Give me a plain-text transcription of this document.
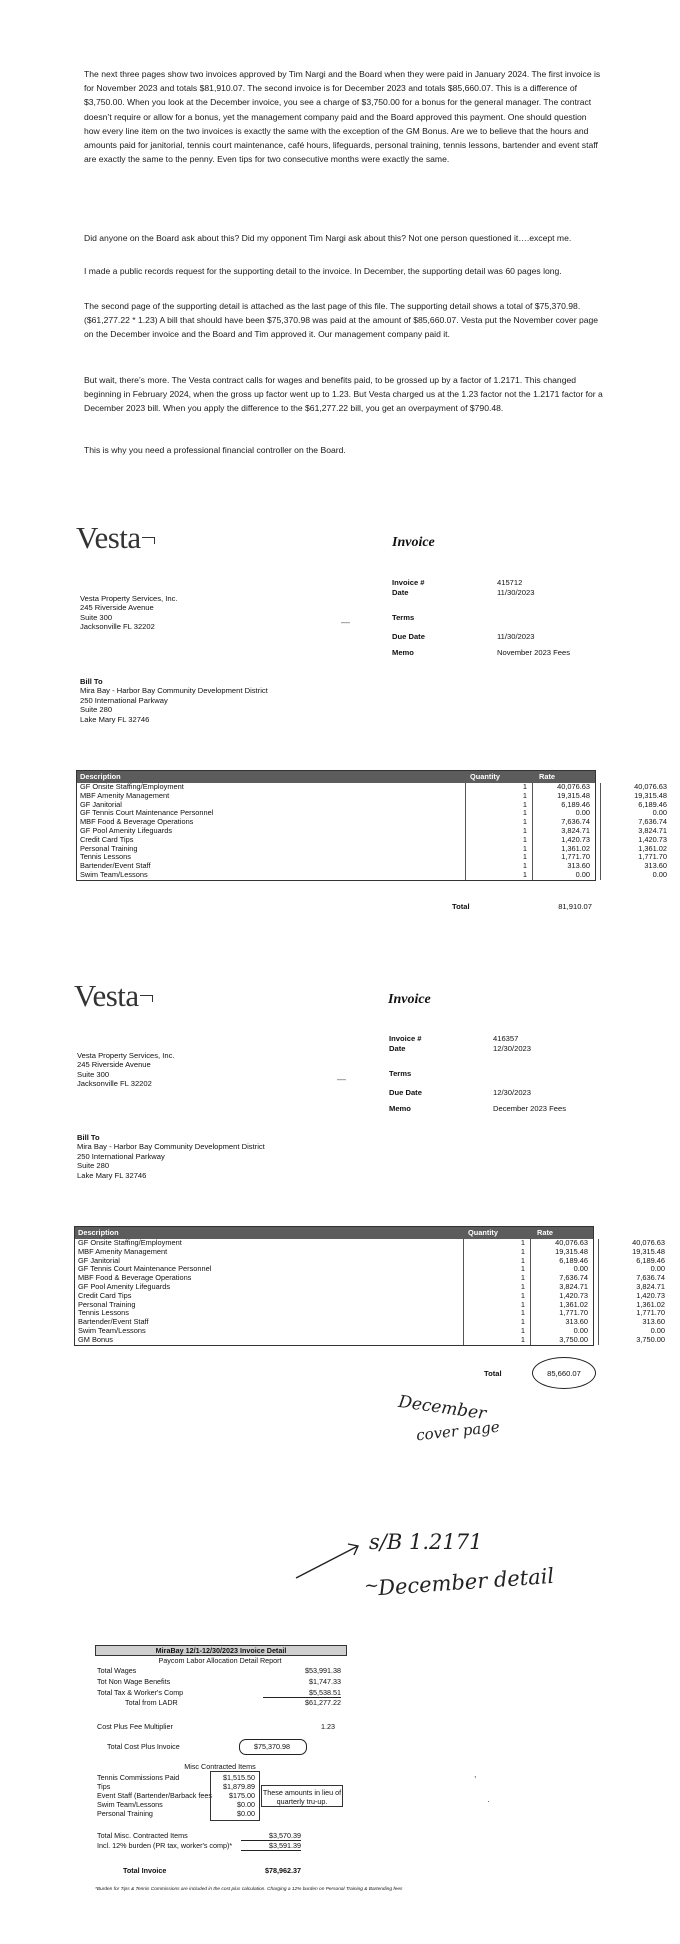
The next three pages show two invoices approved by Tim Nargi and the Board when they were paid in January 2024. The first invoice is for November 2023 and totals $81,910.07. The second invoice is for December 2023 and totals $85,660.07. This is a difference of $3,750.00. When you look at the December invoice, you see a charge of $3,750.00 for a bonus for the general manager. The contract doesn’t require or allow for a bonus, yet the management company paid and the Board approved this payment. One should question how every line item on the two invoices is exactly the same with the exception of the GM Bonus. Are we to believe that the hours and amounts paid for janitorial, tennis court maintenance, café hours, lifeguards, personal training, tennis lessons, bartender and event staff are exactly the same to the penny. Even tips for two consecutive months were exactly the same.
Did anyone on the Board ask about this? Did my opponent Tim Nargi ask about this? Not one person questioned it….except me.
I made a public records request for the supporting detail to the invoice. In December, the supporting detail was 60 pages long.
The second page of the supporting detail is attached as the last page of this file. The supporting detail shows a total of $75,370.98. ($61,277.22 * 1.23) A bill that should have been $75,370.98 was paid at the amount of $85,660.07. Vesta put the November cover page on the December invoice and the Board and Tim approved it. Our management company paid it.
But wait, there’s more. The Vesta contract calls for wages and benefits paid, to be grossed up by a factor of 1.2171. This changed beginning in February 2024, when the gross up factor went up to 1.23. But Vesta charged us at the 1.23 factor not the 1.2171 factor for a December 2023 bill. When you apply the difference to the $61,277.22 bill, you get an overpayment of $790.48.
This is why you need a professional financial controller on the Board.
Vesta	Invoice
Vesta Property Services, Inc.
245 Riverside Avenue
Suite 300
Jacksonville FL 32202
Invoice #	415712
Date	11/30/2023
Terms
Due Date	11/30/2023
Memo	November 2023 Fees
Bill To
Mira Bay - Harbor Bay Community Development District
250 International Parkway
Suite 280
Lake Mary FL 32746
Description	Quantity	Rate	Amount
GF Onsite Staffing/Employment	1	40,076.63	40,076.63
MBF Amenity Management	1	19,315.48	19,315.48
GF Janitorial	1	6,189.46	6,189.46
GF Tennis Court Maintenance Personnel	1	0.00	0.00
MBF Food & Beverage Operations	1	7,636.74	7,636.74
GF Pool Amenity Lifeguards	1	3,824.71	3,824.71
Credit Card Tips	1	1,420.73	1,420.73
Personal Training	1	1,361.02	1,361.02
Tennis Lessons	1	1,771.70	1,771.70
Bartender/Event Staff	1	313.60	313.60
Swim Team/Lessons	1	0.00	0.00
Total	81,910.07
Vesta	Invoice
Vesta Property Services, Inc.
245 Riverside Avenue
Suite 300
Jacksonville FL 32202
Invoice #	416357
Date	12/30/2023
Terms
Due Date	12/30/2023
Memo	December 2023 Fees
Bill To
Mira Bay - Harbor Bay Community Development District
250 International Parkway
Suite 280
Lake Mary FL 32746
Description	Quantity	Rate	Amount
GF Onsite Staffing/Employment	1	40,076.63	40,076.63
MBF Amenity Management	1	19,315.48	19,315.48
GF Janitorial	1	6,189.46	6,189.46
GF Tennis Court Maintenance Personnel	1	0.00	0.00
MBF Food & Beverage Operations	1	7,636.74	7,636.74
GF Pool Amenity Lifeguards	1	3,824.71	3,824.71
Credit Card Tips	1	1,420.73	1,420.73
Personal Training	1	1,361.02	1,361.02
Tennis Lessons	1	1,771.70	1,771.70
Bartender/Event Staff	1	313.60	313.60
Swim Team/Lessons	1	0.00	0.00
GM Bonus	1	3,750.00	3,750.00
Total	85,660.07
December
cover page
s/B 1.2171
December detail
~
—
—
,
·
MiraBay 12/1-12/30/2023 Invoice Detail
Paycom Labor Allocation Detail Report
Total Wages	$53,991.38
Tot Non Wage Benefits	$1,747.33
Total Tax & Worker's Comp	$5,538.51
Total from LADR	$61,277.22
Cost Plus Fee Multiplier	1.23
Total Cost Plus Invoice	$75,370.98
Misc Contracted Items
Tennis Commissions Paid	$1,515.50
Tips	$1,879.89
Event Staff (Bartender/Barback fees	$175.00
Swim Team/Lessons	$0.00
Personal Training	$0.00
These amounts in lieu of quarterly tru-up.
Total Misc. Contracted Items	$3,570.39
Incl. 12% burden (PR tax, worker's comp)*	$3,591.39
Total Invoice	$78,962.37
*Burden for Tips & Tennis Commissions are included in the cost plus calculation. Charging a 12% burden on Personal Training & Bartending fees
